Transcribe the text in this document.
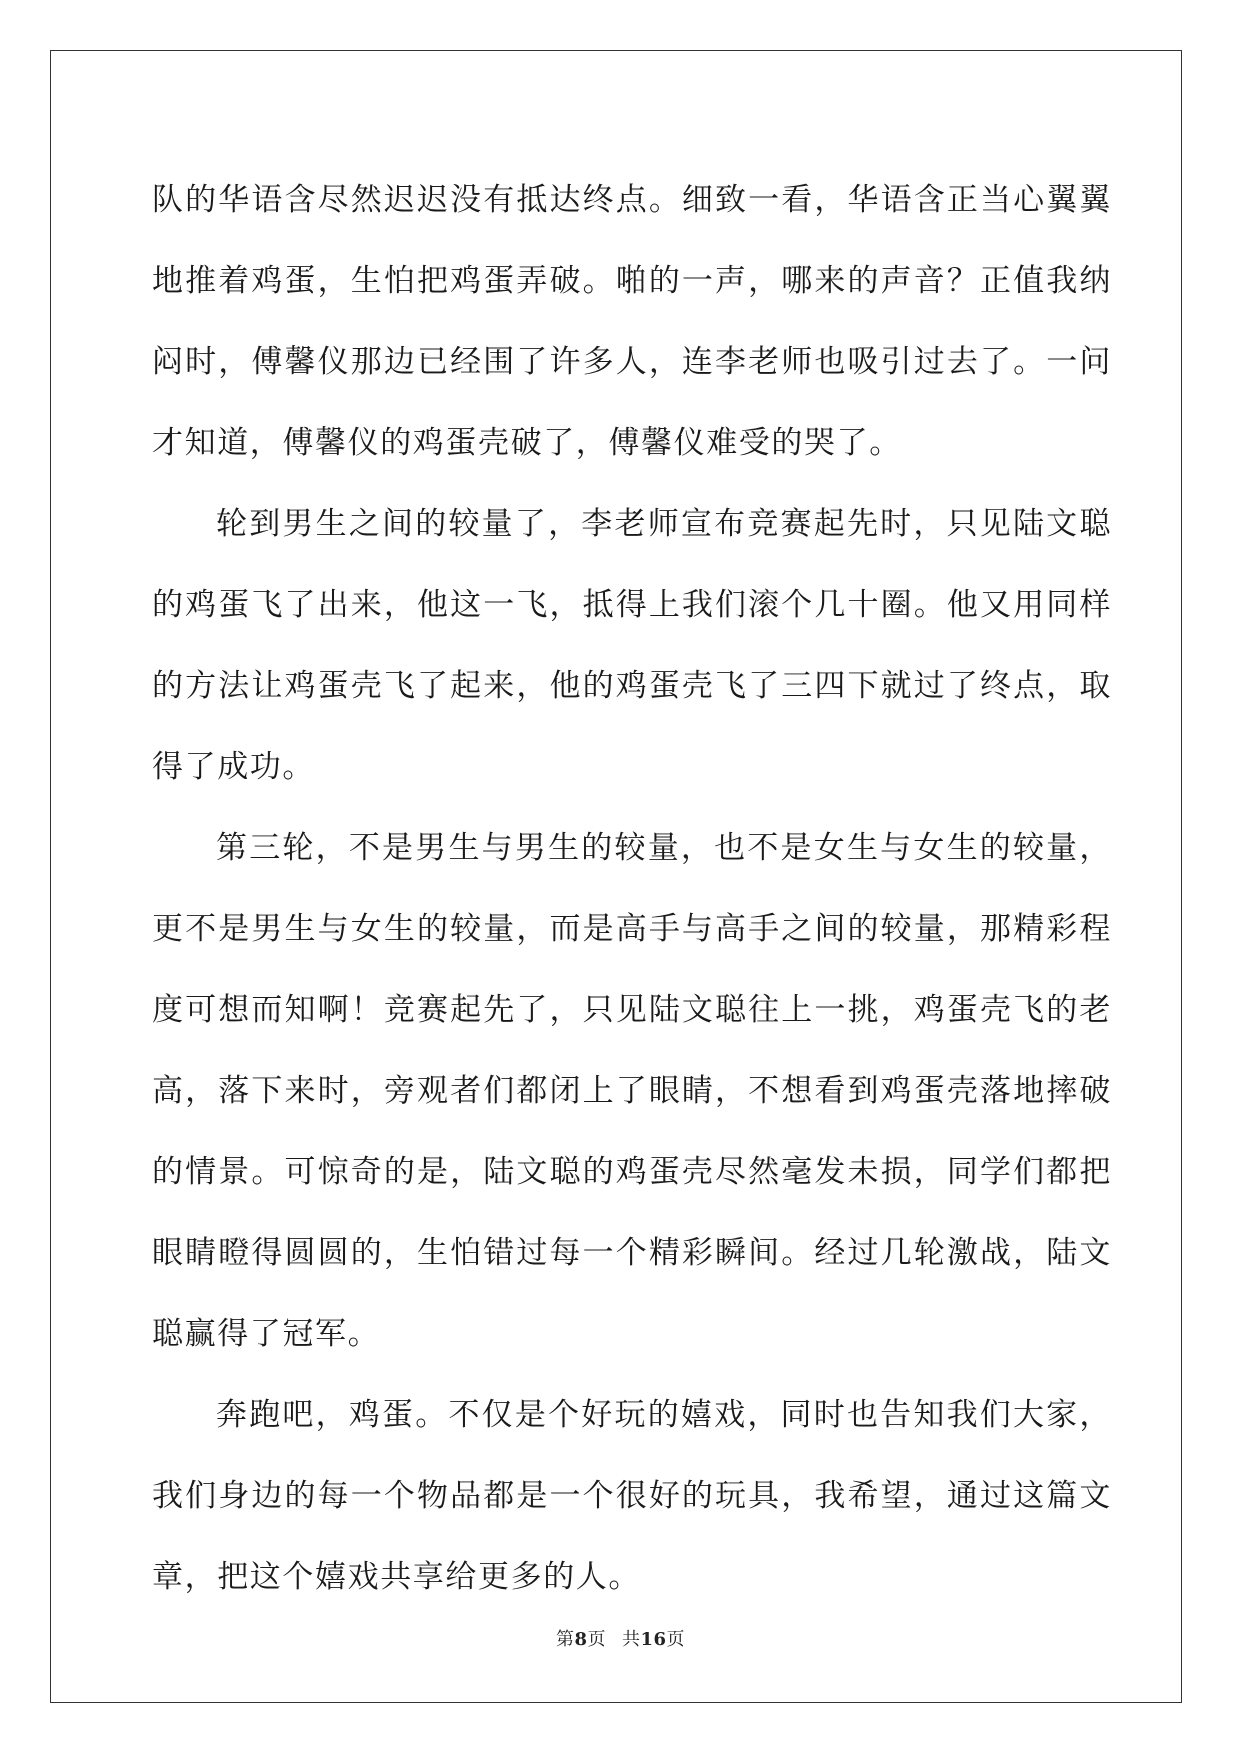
队的华语含尽然迟迟没有抵达终点。细致一看，华语含正当心翼翼地推着鸡蛋，生怕把鸡蛋弄破。啪的一声，哪来的声音？正值我纳闷时，傅馨仪那边已经围了许多人，连李老师也吸引过去了。一问才知道，傅馨仪的鸡蛋壳破了，傅馨仪难受的哭了。

轮到男生之间的较量了，李老师宣布竞赛起先时，只见陆文聪的鸡蛋飞了出来，他这一飞，抵得上我们滚个几十圈。他又用同样的方法让鸡蛋壳飞了起来，他的鸡蛋壳飞了三四下就过了终点，取得了成功。

第三轮，不是男生与男生的较量，也不是女生与女生的较量，更不是男生与女生的较量，而是高手与高手之间的较量，那精彩程度可想而知啊！竞赛起先了，只见陆文聪往上一挑，鸡蛋壳飞的老高，落下来时，旁观者们都闭上了眼睛，不想看到鸡蛋壳落地摔破的情景。可惊奇的是，陆文聪的鸡蛋壳尽然毫发未损，同学们都把眼睛瞪得圆圆的，生怕错过每一个精彩瞬间。经过几轮激战，陆文聪赢得了冠军。

奔跑吧，鸡蛋。不仅是个好玩的嬉戏，同时也告知我们大家，我们身边的每一个物品都是一个很好的玩具，我希望，通过这篇文章，把这个嬉戏共享给更多的人。

第8页 共16页
